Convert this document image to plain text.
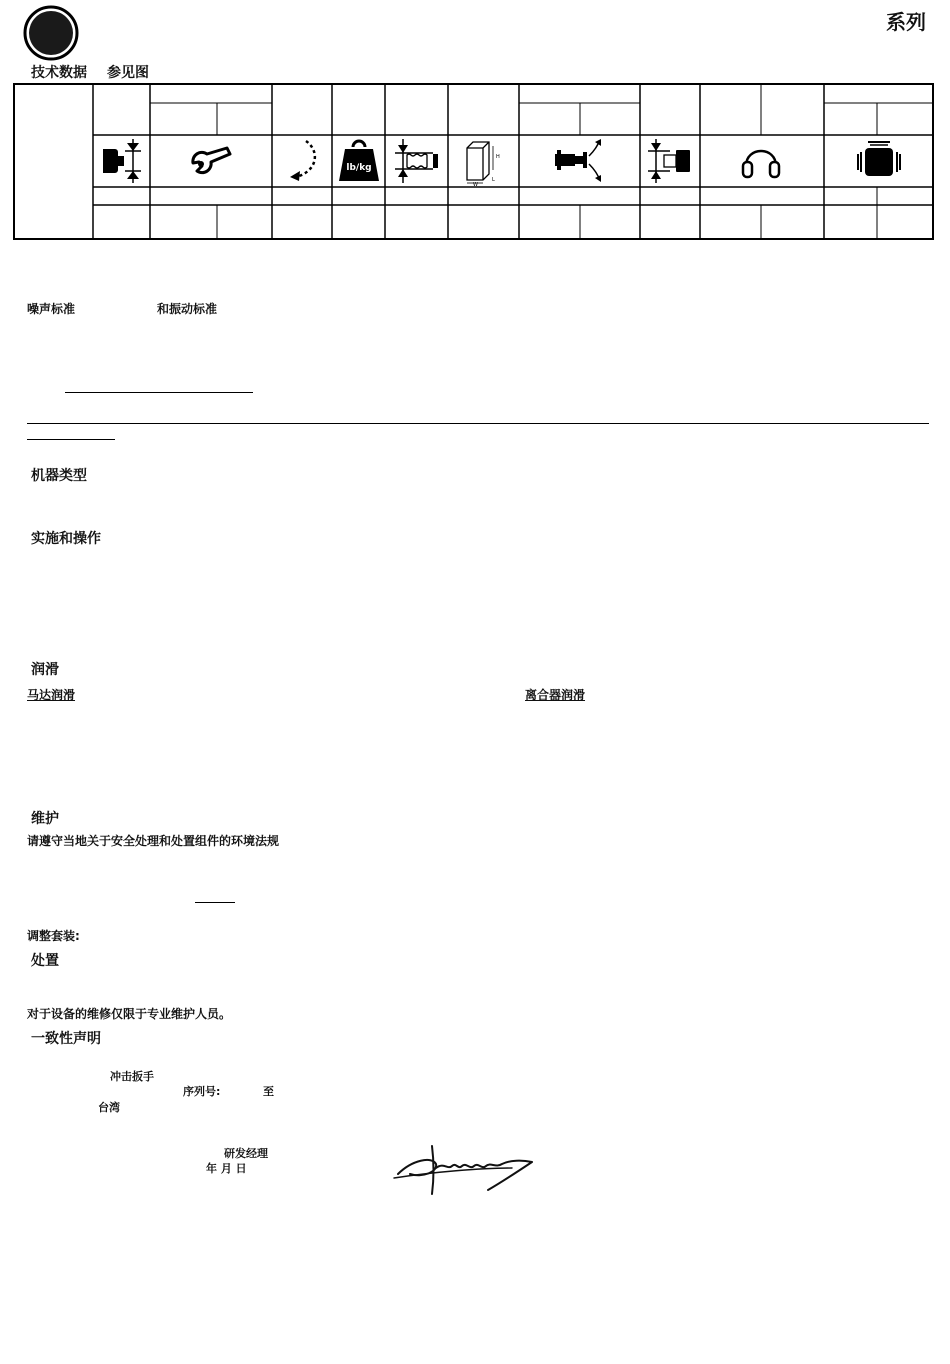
系列
技术数据 参见图
lb/kg
H
W
L
噪声标准	和振动标准
机器类型
实施和操作
润滑
马达润滑	离合器润滑
维护
请遵守当地关于安全处理和处置组件的环境法规
调整套装:
处置
对于设备的维修仅限于专业维护人员。
一致性声明
冲击扳手
序列号:	至
台湾
研发经理
年 月 日
